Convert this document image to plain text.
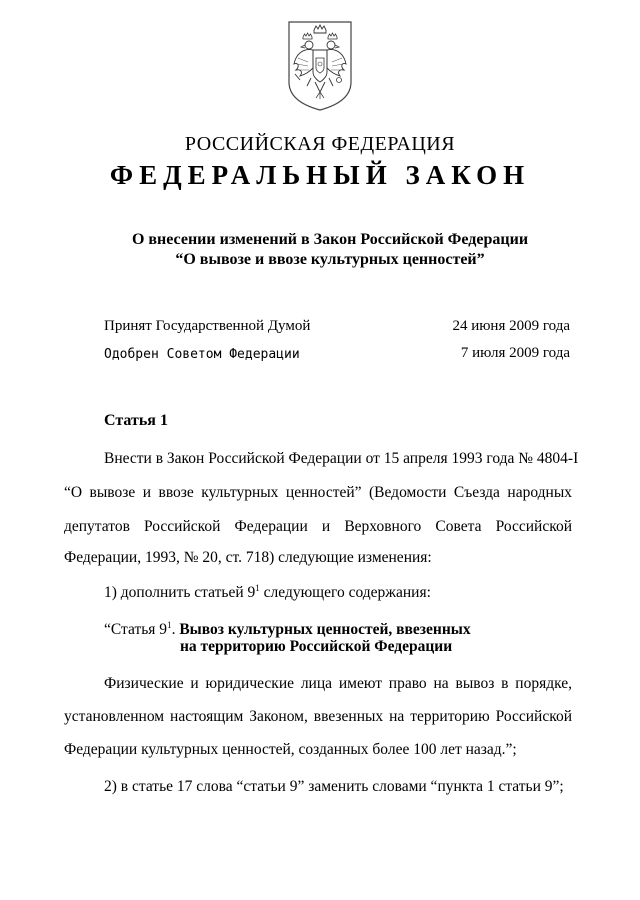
РОССИЙСКАЯ ФЕДЕРАЦИЯ
ФЕДЕРАЛЬНЫЙ ЗАКОН
О внесении изменений в Закон Российской Федерации
“О вывозе и ввозе культурных ценностей”
Принят Государственной Думой	24 июня 2009 года
Одобрен Советом Федерации	7 июля 2009 года
Статья 1
Внести в Закон Российской Федерации от 15 апреля 1993 года № 4804-I
“О вывозе и ввозе культурных ценностей” (Ведомости Съезда народных
депутатов Российской Федерации и Верховного Совета Российской
Федерации, 1993, № 20, ст. 718) следующие изменения:
1) дополнить статьей $9^1$ следующего содержания:
“Статья $9^1$. Вывоз культурных ценностей, ввезенных
на территорию Российской Федерации
Физические и юридические лица имеют право на вывоз в порядке,
установленном настоящим Законом, ввезенных на территорию Российской
Федерации культурных ценностей, созданных более 100 лет назад.”;
2) в статье 17 слова “статьи 9” заменить словами “пункта 1 статьи 9”;
